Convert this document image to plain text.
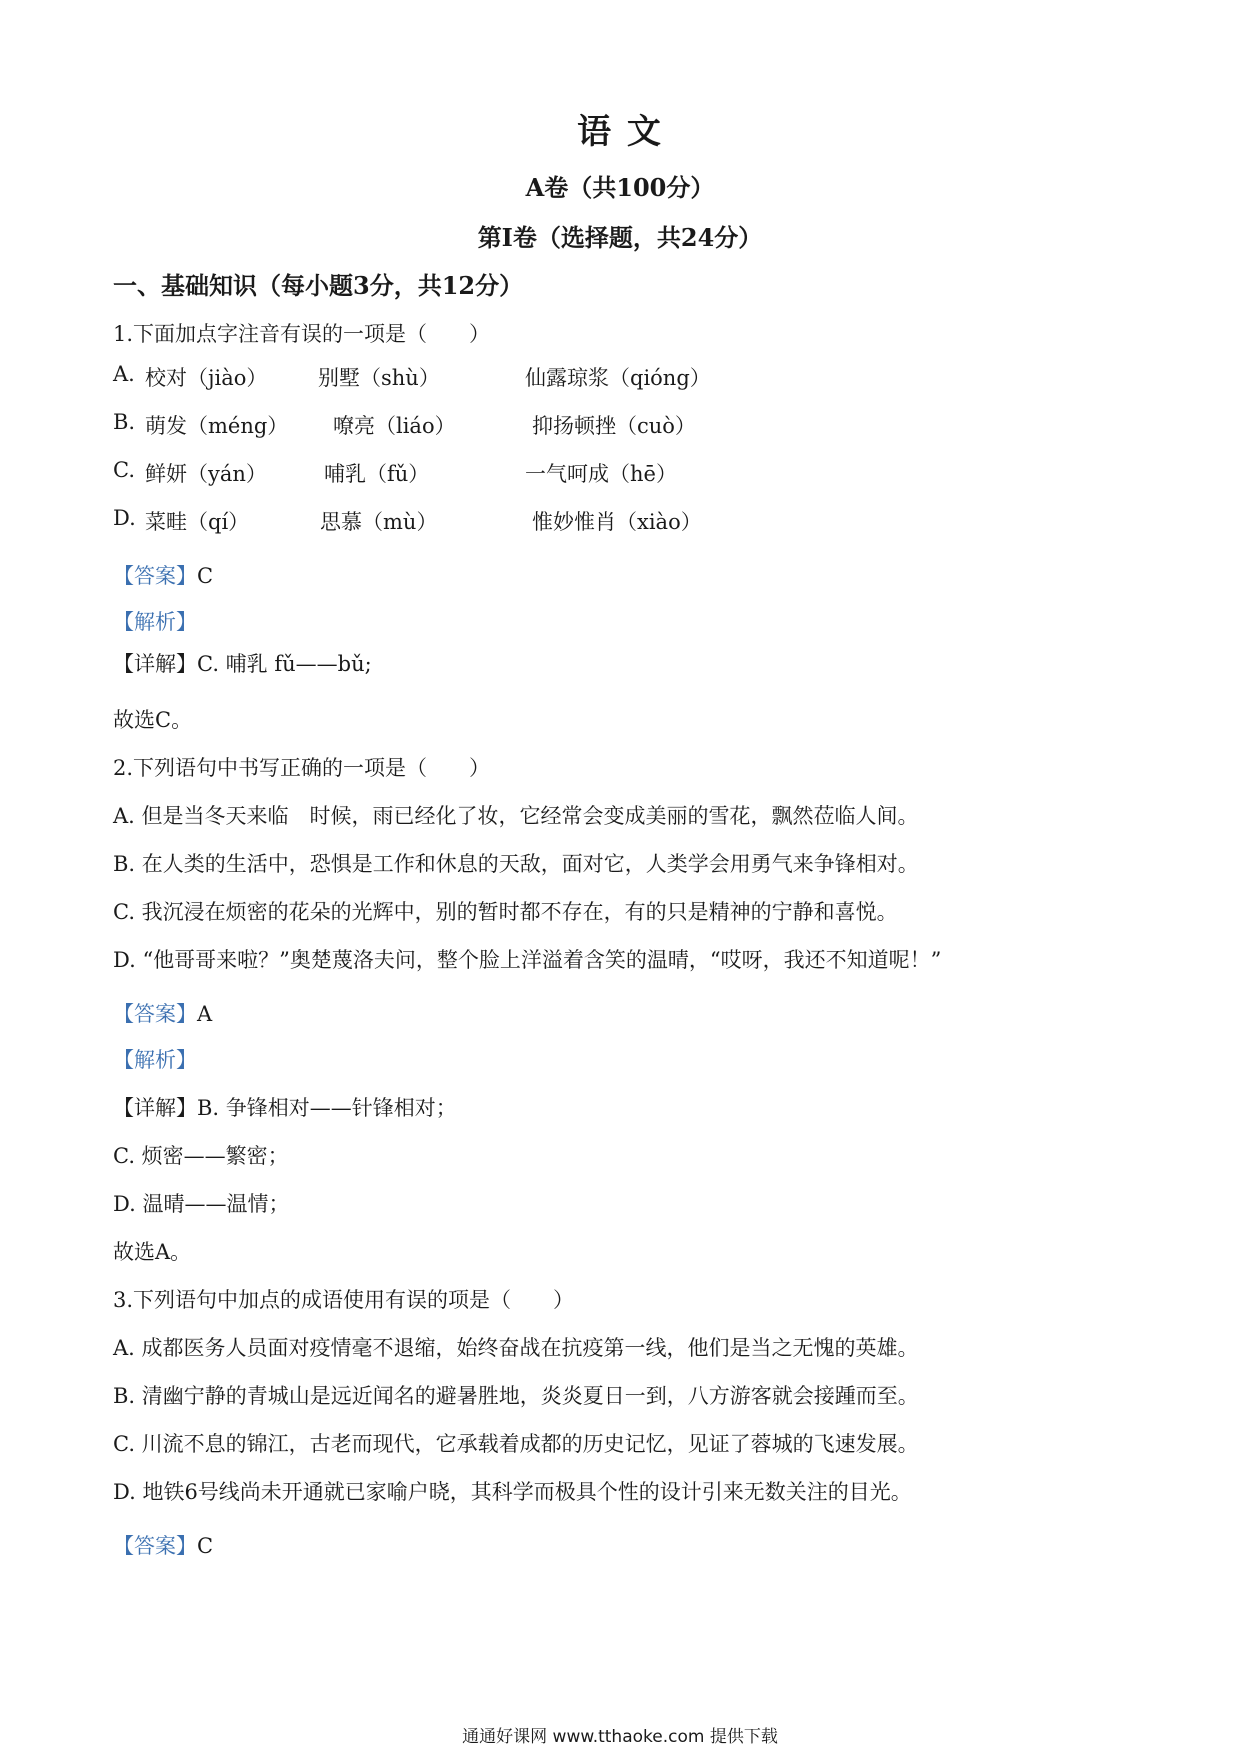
语 文
A卷（共100分）
第Ⅰ卷（选择题，共24分）
一、基础知识（每小题3分，共12分）
1.下面加点字注音有误的一项是（　　）
A. 校对（jiào） 别墅（shù）	仙露琼浆（qióng）
B. 萌发（méng） 嘹亮（liáo）	抑扬顿挫（cuò）
C. 鲜妍（yán）	哺乳（fǔ）	一气呵成（hē）
D. 菜畦（qí）	思慕（mù）	惟妙惟肖（xiào）
【答案】C
【解析】
【详解】C. 哺乳 fǔ——bǔ;
故选C。
2.下列语句中书写正确的一项是（　　）
A. 但是当冬天来临　时候，雨已经化了妆，它经常会变成美丽的雪花，飘然莅临人间。
B. 在人类的生活中，恐惧是工作和休息的天敌，面对它，人类学会用勇气来争锋相对。
C. 我沉浸在烦密的花朵的光辉中，别的暂时都不存在，有的只是精神的宁静和喜悦。
D. “他哥哥来啦？”奥楚蔑洛夫问，整个脸上洋溢着含笑的温晴，“哎呀，我还不知道呢！”
【答案】A
【解析】
【详解】B. 争锋相对——针锋相对；
C. 烦密——繁密；
D. 温晴——温情；
故选A。
3.下列语句中加点的成语使用有误的项是（　　）
A. 成都医务人员面对疫情毫不退缩，始终奋战在抗疫第一线，他们是当之无愧的英雄。
B. 清幽宁静的青城山是远近闻名的避暑胜地，炎炎夏日一到，八方游客就会接踵而至。
C. 川流不息的锦江，古老而现代，它承载着成都的历史记忆，见证了蓉城的飞速发展。
D. 地铁6号线尚未开通就已家喻户晓，其科学而极具个性的设计引来无数关注的目光。
【答案】C
通通好课网 www.tthaoke.com 提供下载
